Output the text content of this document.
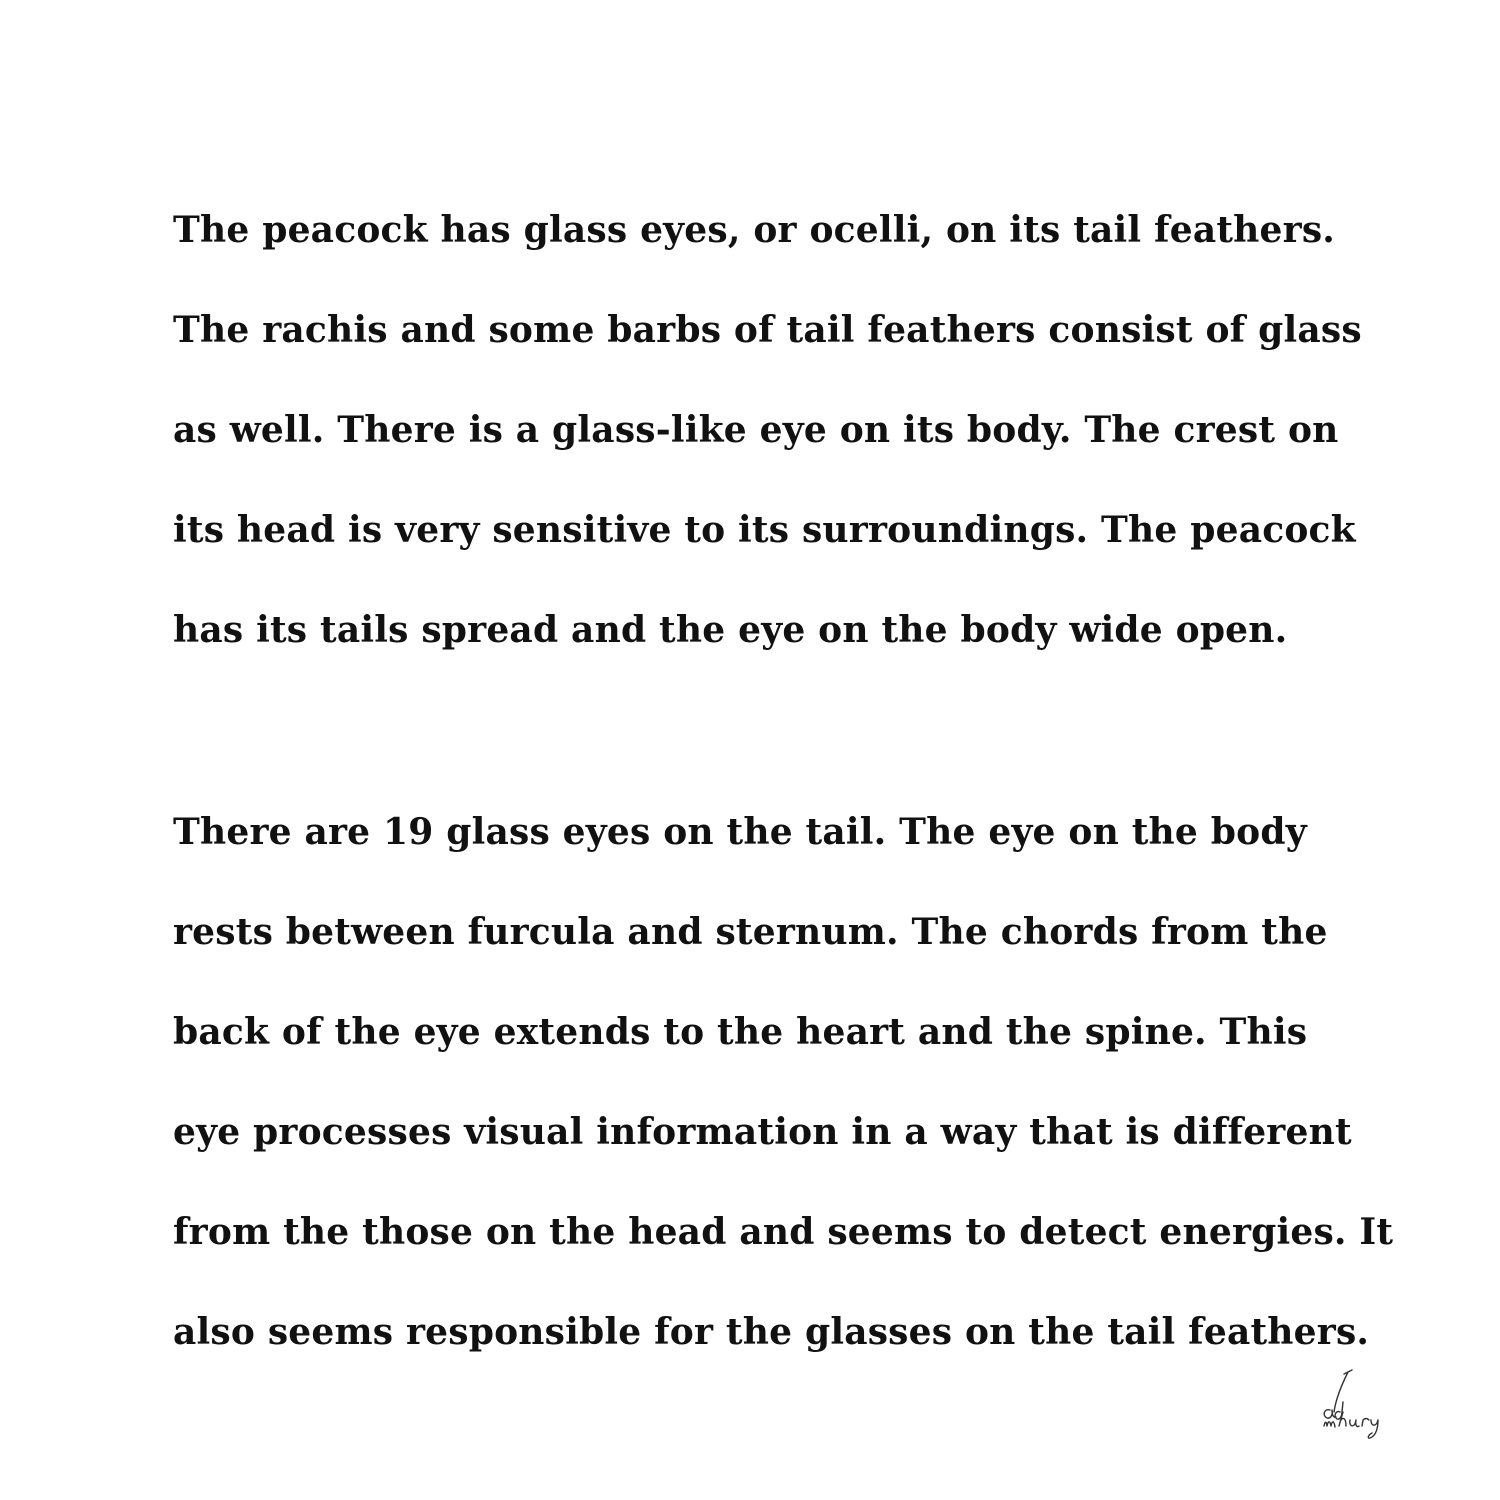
The peacock has glass eyes, or ocelli, on its tail feathers.
The rachis and some barbs of tail feathers consist of glass
as well. There is a glass-like eye on its body. The crest on
its head is very sensitive to its surroundings. The peacock
has its tails spread and the eye on the body wide open.
There are 19 glass eyes on the tail. The eye on the body
rests between furcula and sternum. The chords from the
back of the eye extends to the heart and the spine. This
eye processes visual information in a way that is different
from the those on the head and seems to detect energies. It
also seems responsible for the glasses on the tail feathers.
